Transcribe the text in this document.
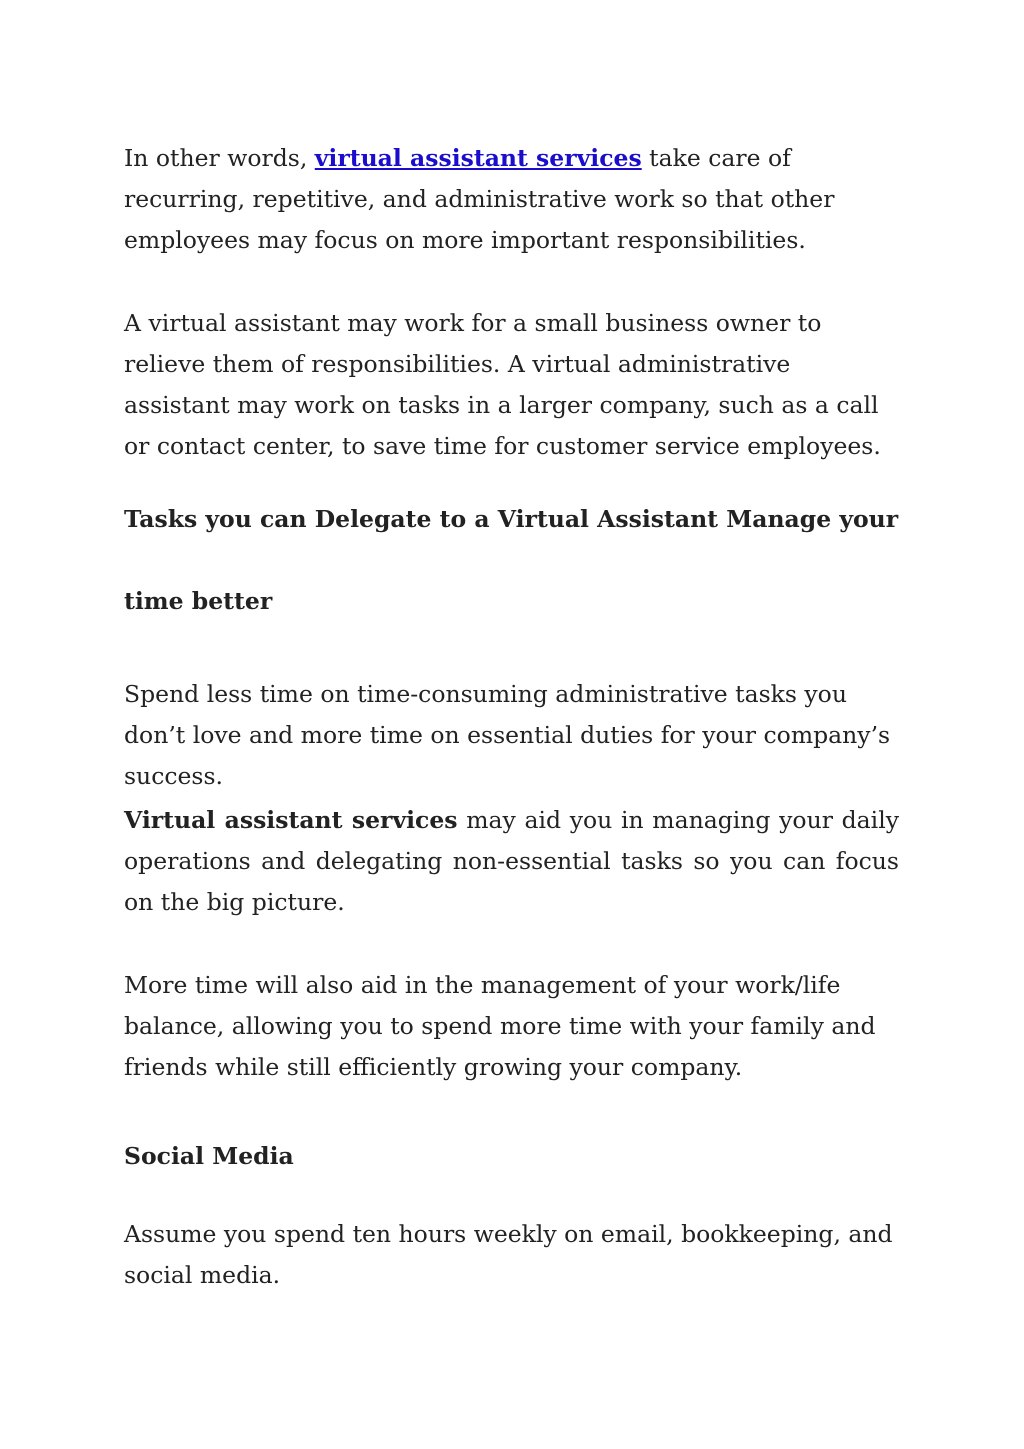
In other words, virtual assistant services take care of recurring, repetitive, and administrative work so that other employees may focus on more important responsibilities.

A virtual assistant may work for a small business owner to relieve them of responsibilities. A virtual administrative assistant may work on tasks in a larger company, such as a call or contact center, to save time for customer service employees.

Tasks you can Delegate to a Virtual Assistant Manage your
time better

Spend less time on time-consuming administrative tasks you don’t love and more time on essential duties for your company’s success.

Virtual assistant services may aid you in managing your daily operations and delegating non-essential tasks so you can focus on the big picture.

More time will also aid in the management of your work/life balance, allowing you to spend more time with your family and friends while still efficiently growing your company.

Social Media

Assume you spend ten hours weekly on email, bookkeeping, and social media.
